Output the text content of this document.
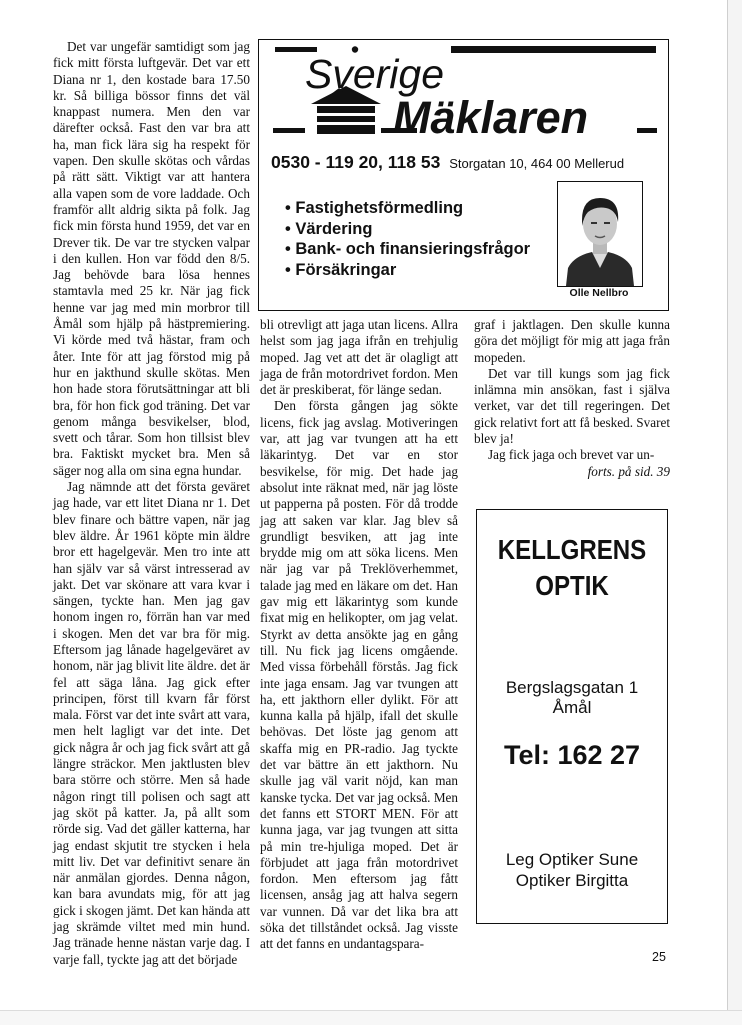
Det var ungefär samtidigt som jag fick mitt första luftgevär. Det var ett Diana nr 1, den kostade bara 17.50 kr. Så billiga bössor finns det väl knappast numera. Men den var därefter också. Fast den var bra att ha, man fick lära sig ha respekt för vapen. Den skulle skötas och vårdas på rätt sätt. Viktigt var att hantera alla vapen som de vore laddade. Och framför allt aldrig sikta på folk. Jag fick min första hund 1959, det var en Drever tik. De var tre stycken valpar i den kullen. Hon var född den 8/5. Jag behövde bara lösa hennes stamtavla med 25 kr. När jag fick henne var jag med min morbror till Åmål som hjälp på hästpremiering. Vi körde med två hästar, fram och åter. Inte för att jag förstod mig på hur en jakthund skulle skötas. Men hon hade stora förutsättningar att bli bra, för hon fick god träning. Det var genom många besvikelser, blod, svett och tårar. Som hon tillsist blev bra. Faktiskt mycket bra. Men så säger nog alla om sina egna hundar.

Jag nämnde att det första geväret jag hade, var ett litet Diana nr 1. Det blev finare och bättre vapen, när jag blev äldre. År 1961 köpte min äldre bror ett hagelgevär. Men tro inte att han själv var så värst intresserad av jakt. Det var skönare att vara kvar i sängen, tyckte han. Men jag gav honom ingen ro, förrän han var med i skogen. Men det var bra för mig. Eftersom jag lånade hagelgeväret av honom, när jag blivit lite äldre. det är fel att säga låna. Jag gick efter principen, först till kvarn får först mala. Först var det inte svårt att vara, men helt lagligt var det inte. Det gick några år och jag fick svårt att gå längre sträckor. Men jaktlusten blev bara större och större. Men så hade någon ringt till polisen och sagt att jag sköt på katter. Ja, på allt som rörde sig. Vad det gäller katterna, har jag endast skjutit tre stycken i hela mitt liv. Det var definitivt senare än när anmälan gjordes. Denna någon, kan bara avundats mig, för att jag gick i skogen jämt. Det kan hända att jag skrämde viltet med min hund. Jag tränade henne nästan varje dag. I varje fall, tyckte jag att det började

Sverige
Mäklaren
0530 - 119 20, 118 53 Storgatan 10, 464 00 Mellerud
• Fastighetsförmedling
• Värdering
• Bank- och finansieringsfrågor
• Försäkringar
Olle Nellbro

bli otrevligt att jaga utan licens. Allra helst som jag jaga ifrån en trehjulig moped. Jag vet att det är olagligt att jaga de från motordrivet fordon. Men det är preskiberat, för länge sedan.

Den första gången jag sökte licens, fick jag avslag. Motiveringen var, att jag var tvungen att ha ett läkarintyg. Det var en stor besvikelse, för mig. Det hade jag absolut inte räknat med, när jag löste ut papperna på posten. För då trodde jag att saken var klar. Jag blev så grundligt besviken, att jag inte brydde mig om att söka licens. Men när jag var på Treklöverhemmet, talade jag med en läkare om det. Han gav mig ett läkarintyg som kunde fixat mig en helikopter, om jag velat. Styrkt av detta ansökte jag en gång till. Nu fick jag licens omgående. Med vissa förbehåll förstås. Jag fick inte jaga ensam. Jag var tvungen att ha, ett jakthorn eller dylikt. För att kunna kalla på hjälp, ifall det skulle behövas. Det löste jag genom att skaffa mig en PR-radio. Jag tyckte det var bättre än ett jakthorn. Nu skulle jag väl varit nöjd, kan man kanske tycka. Det var jag också. Men det fanns ett STORT MEN. För att kunna jaga, var jag tvungen att sitta på min tre-hjuliga moped. Det är förbjudet att jaga från motordrivet fordon. Men eftersom jag fått licensen, ansåg jag att halva segern var vunnen. Då var det lika bra att söka det tillståndet också. Jag visste att det fanns en undantagspara-

graf i jaktlagen. Den skulle kunna göra det möjligt för mig att jaga från mopeden.

Det var till kungs som jag fick inlämna min ansökan, fast i själva verket, var det till regeringen. Det gick relativt fort att få besked. Svaret blev ja!

Jag fick jaga och brevet var un-

forts. på sid. 39

KELLGRENS
OPTIK
Bergslagsgatan 1
Åmål
Tel: 162 27
Leg Optiker Sune
Optiker Birgitta
25
